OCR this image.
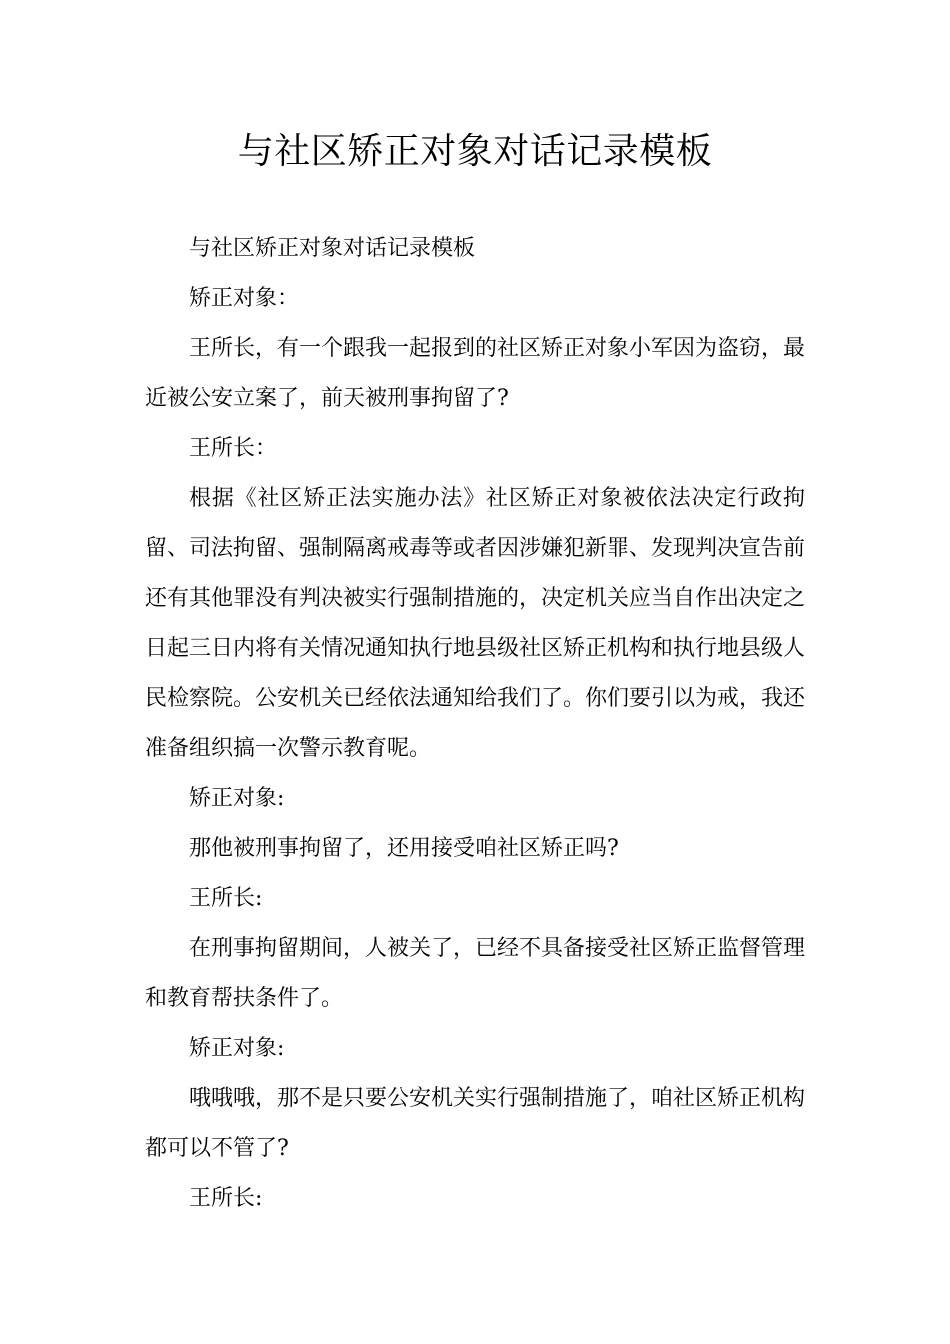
与社区矫正对象对话记录模板

与社区矫正对象对话记录模板

矫正对象：

王所长，有一个跟我一起报到的社区矫正对象小军因为盗窃，最近被公安立案了，前天被刑事拘留了?

王所长：

根据《社区矫正法实施办法》社区矫正对象被依法决定行政拘留、司法拘留、强制隔离戒毒等或者因涉嫌犯新罪、发现判决宣告前还有其他罪没有判决被实行强制措施的，决定机关应当自作出决定之日起三日内将有关情况通知执行地县级社区矫正机构和执行地县级人民检察院。公安机关已经依法通知给我们了。你们要引以为戒，我还准备组织搞一次警示教育呢。

矫正对象:

那他被刑事拘留了，还用接受咱社区矫正吗?

王所长:

在刑事拘留期间，人被关了，已经不具备接受社区矫正监督管理和教育帮扶条件了。

矫正对象:

哦哦哦，那不是只要公安机关实行强制措施了，咱社区矫正机构都可以不管了?

王所长:
